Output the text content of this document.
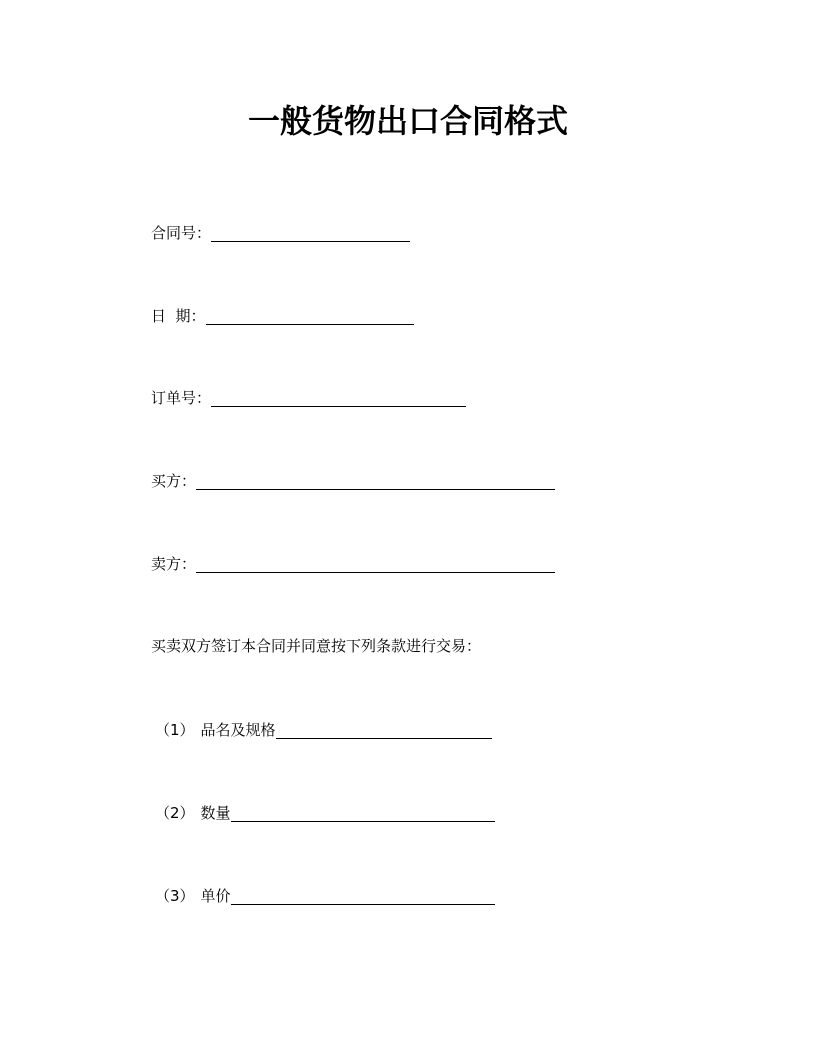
一般货物出口合同格式
合同号：
日  期：
订单号：
买方：
卖方：
买卖双方签订本合同并同意按下列条款进行交易：
（1） 品名及规格
（2） 数量
（3） 单价
